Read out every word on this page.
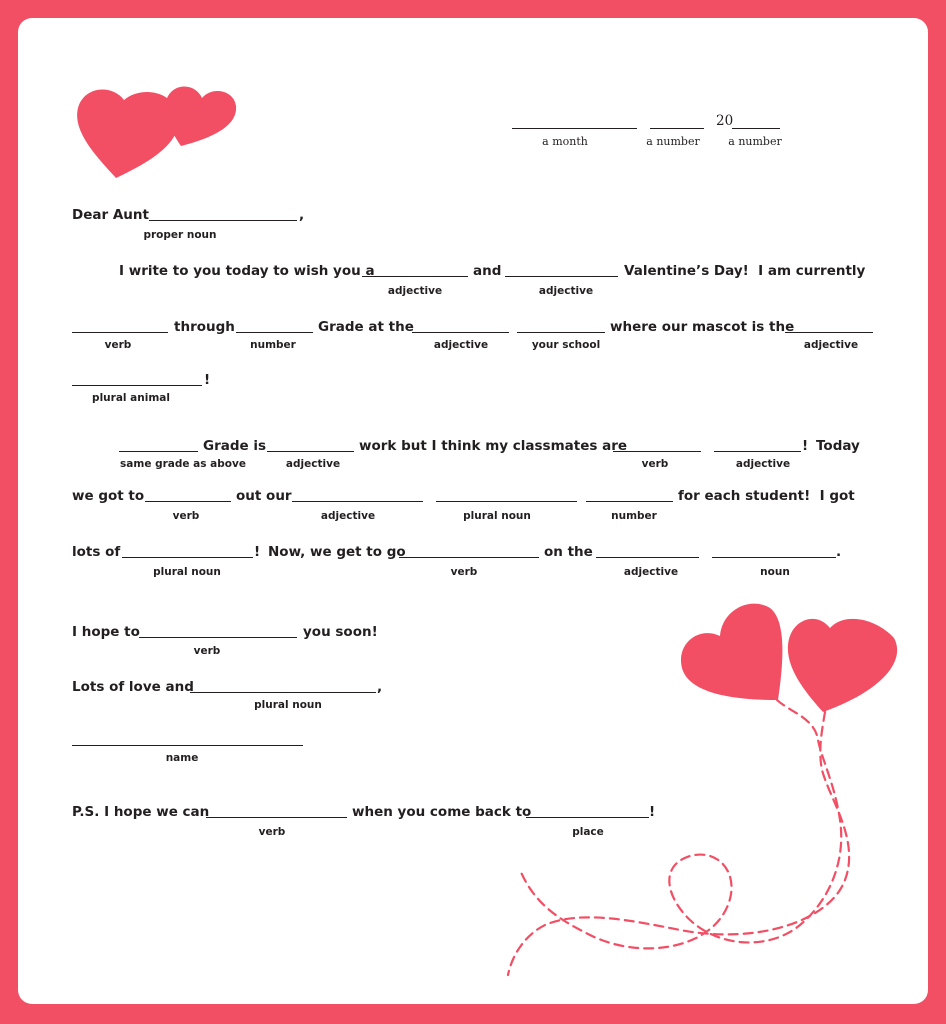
20
a month	a number	a number
Dear Aunt	,
proper noun
I write to you today to wish you a	and	Valentine’s Day!  I am currently
adjective	adjective
through	Grade at the	where our mascot is the
verb	number	adjective	your school	adjective
!
plural animal
Grade is	work but I think my classmates are	! Today
same grade as above	adjective	verb	adjective
we got to	out our	for each student!  I got
verb	adjective	plural noun	number
lots of	! Now, we get to go	on the	.
plural noun	verb	adjective	noun
I hope to	you soon!
verb
Lots of love and	,
plural noun
name
P.S. I hope we can	when you come back to	!
verb	place
